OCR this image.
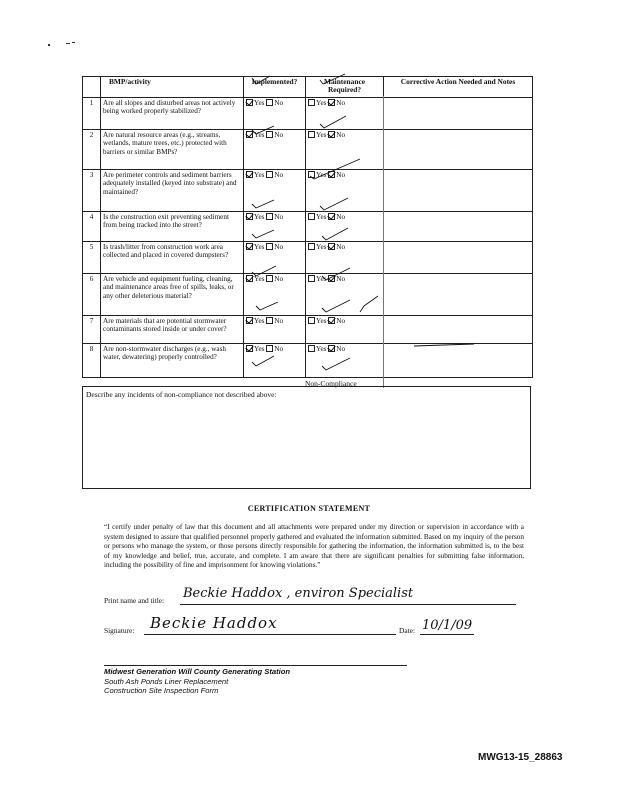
	BMP/activity	Implemented?	Maintenance Required?	Corrective Action Needed and Notes
1	Are all slopes and disturbed areas not actively being worked properly stabilized?	Yes No	Yes No	
2	Are natural resource areas (e.g., streams, wetlands, mature trees, etc.) protected with barriers or similar BMPs?	Yes No	Yes No	
3	Are perimeter controls and sediment barriers adequately installed (keyed into substrate) and maintained?	Yes No	Yes No	
4	Is the construction exit preventing sediment from being tracked into the street?	Yes No	Yes No	
5	Is trash/litter from construction work area collected and placed in covered dumpsters?	Yes No	Yes No	
6	Are vehicle and equipment fueling, cleaning, and maintenance areas free of spills, leaks, or any other deleterious material?	Yes No	Yes No	
7	Are materials that are potential stormwater contaminants stored inside or under cover?	Yes No	Yes No	
8	Are non-stormwater discharges (e.g., wash water, dewatering) properly controlled?	Yes No	Yes No	
Non-Compliance
Describe any incidents of non-compliance not described above:
CERTIFICATION STATEMENT
“I certify under penalty of law that this document and all attachments were prepared under my direction or supervision in accordance with a system designed to assure that qualified personnel properly gathered and evaluated the information submitted. Based on my inquiry of the person or persons who manage the system, or those persons directly responsible for gathering the information, the information submitted is, to the best of my knowledge and belief, true, accurate, and complete. I am aware that there are significant penalties for submitting false information, including the possibility of fine and imprisonment for knowing violations.”
Print name and title: Beckie Haddox , environ Specialist
Signature: Beckie Haddox	Date: 10/1/09
Midwest Generation Will County Generating Station
South Ash Ponds Liner Replacement
Construction Site Inspection Form
MWG13-15_28863
